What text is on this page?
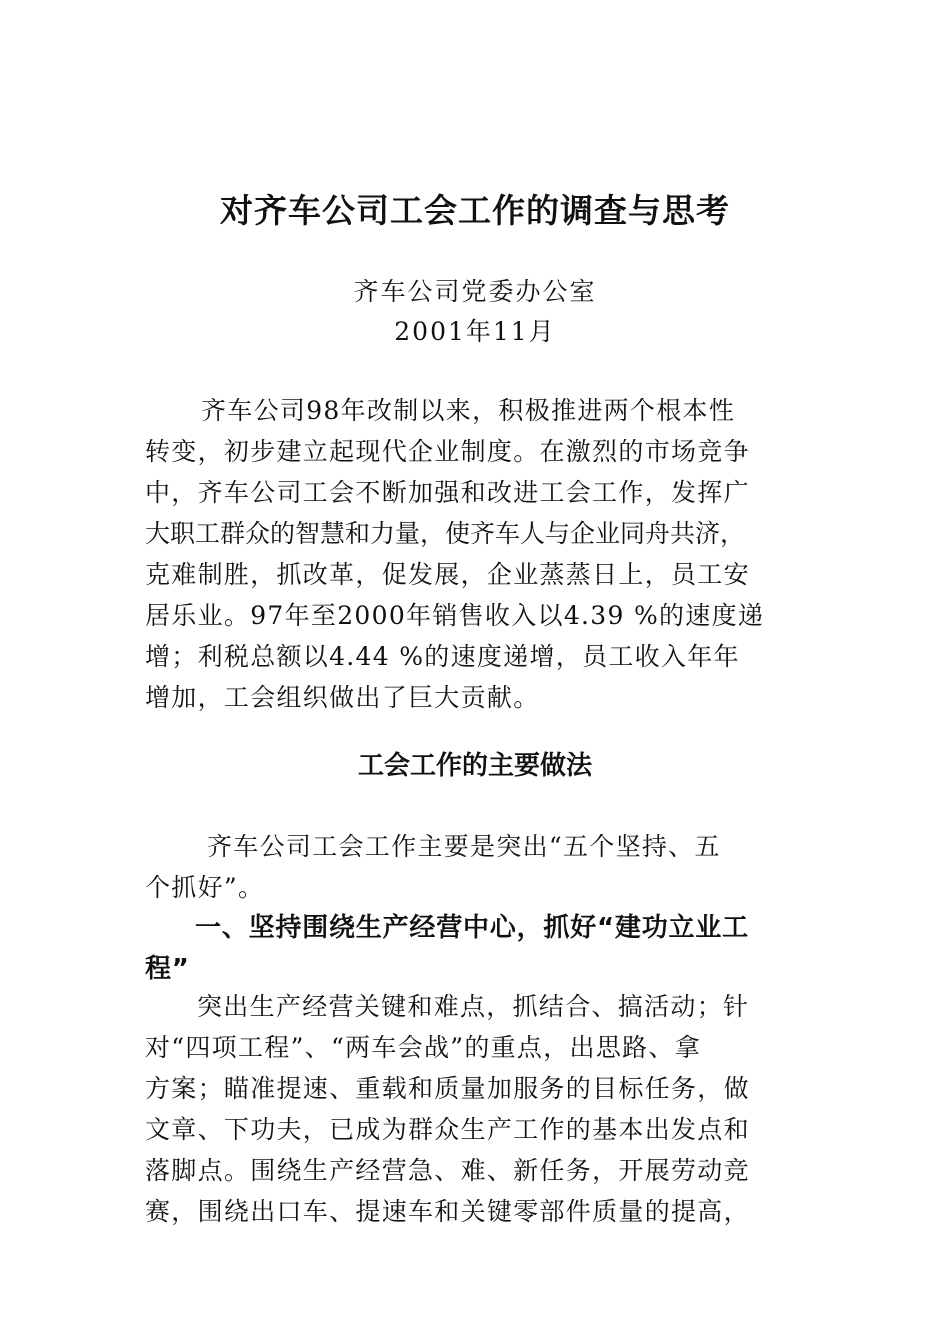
对齐车公司工会工作的调查与思考
齐车公司党委办公室
2001年11月
齐车公司98年改制以来，积极推进两个根本性
转变，初步建立起现代企业制度。在激烈的市场竞争
中，齐车公司工会不断加强和改进工会工作，发挥广
大职工群众的智慧和力量，使齐车人与企业同舟共济，
克难制胜，抓改革，促发展，企业蒸蒸日上，员工安
居乐业。97年至2000年销售收入以4.39 %的速度递
增；利税总额以4.44 %的速度递增，员工收入年年
增加，工会组织做出了巨大贡献。
工会工作的主要做法
齐车公司工会工作主要是突出“五个坚持、五
个抓好”。
一、坚持围绕生产经营中心，抓好“建功立业工
程”
突出生产经营关键和难点，抓结合、搞活动；针
对“四项工程”、“两车会战”的重点，出思路、拿
方案；瞄准提速、重载和质量加服务的目标任务，做
文章、下功夫，已成为群众生产工作的基本出发点和
落脚点。围绕生产经营急、难、新任务，开展劳动竞
赛，围绕出口车、提速车和关键零部件质量的提高，
